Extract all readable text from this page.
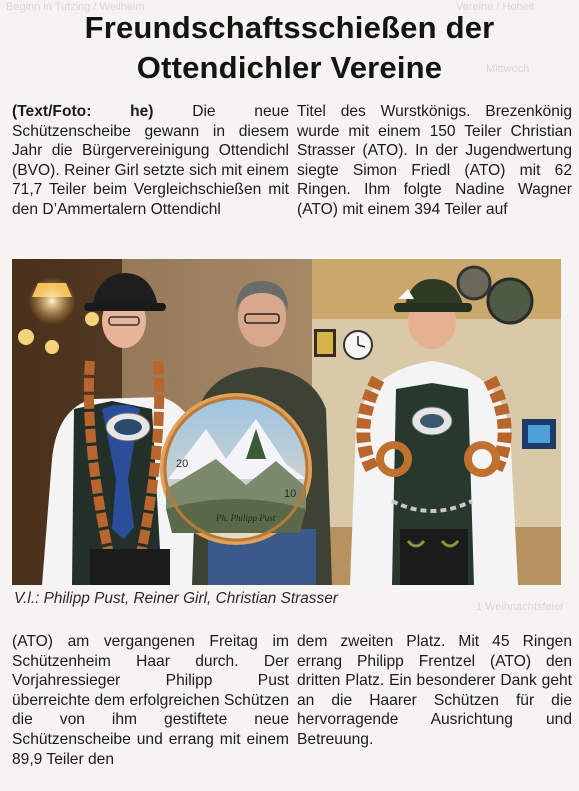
Beginn in Tutzing / Weilheim	Vereine / Hoheit
Mittwoch
1 Weihnachtsfeier
Freundschaftsschießen der
Ottendichler Vereine

(Text/Foto: he) Die neue Schützenscheibe gewann in diesem Jahr die Bürgervereinigung Ottendichl (BVO). Reiner Girl setzte sich mit einem 71,7 Teiler beim Vergleichschießen mit den D’Ammertalern Ottendichl

Titel des Wurstkönigs. Brezenkönig wurde mit einem 150 Teiler Christian Strasser (ATO). In der Jugendwertung siegte Simon Friedl (ATO) mit 62 Ringen. Ihm folgte Nadine Wagner (ATO) mit einem 394 Teiler auf

20
10
Ph. Philipp Pust
V.l.: Philipp Pust, Reiner Girl, Christian Strasser

(ATO) am vergangenen Freitag im Schützenheim Haar durch. Der Vorjahressieger Philipp Pust überreichte dem erfolgreichen Schützen die von ihm gestiftete neue Schützenscheibe und errang mit einem 89,9 Teiler den

dem zweiten Platz. Mit 45 Ringen errang Philipp Frentzel (ATO) den dritten Platz. Ein besonderer Dank geht an die Haarer Schützen für die hervorragende Ausrichtung und Betreuung.
